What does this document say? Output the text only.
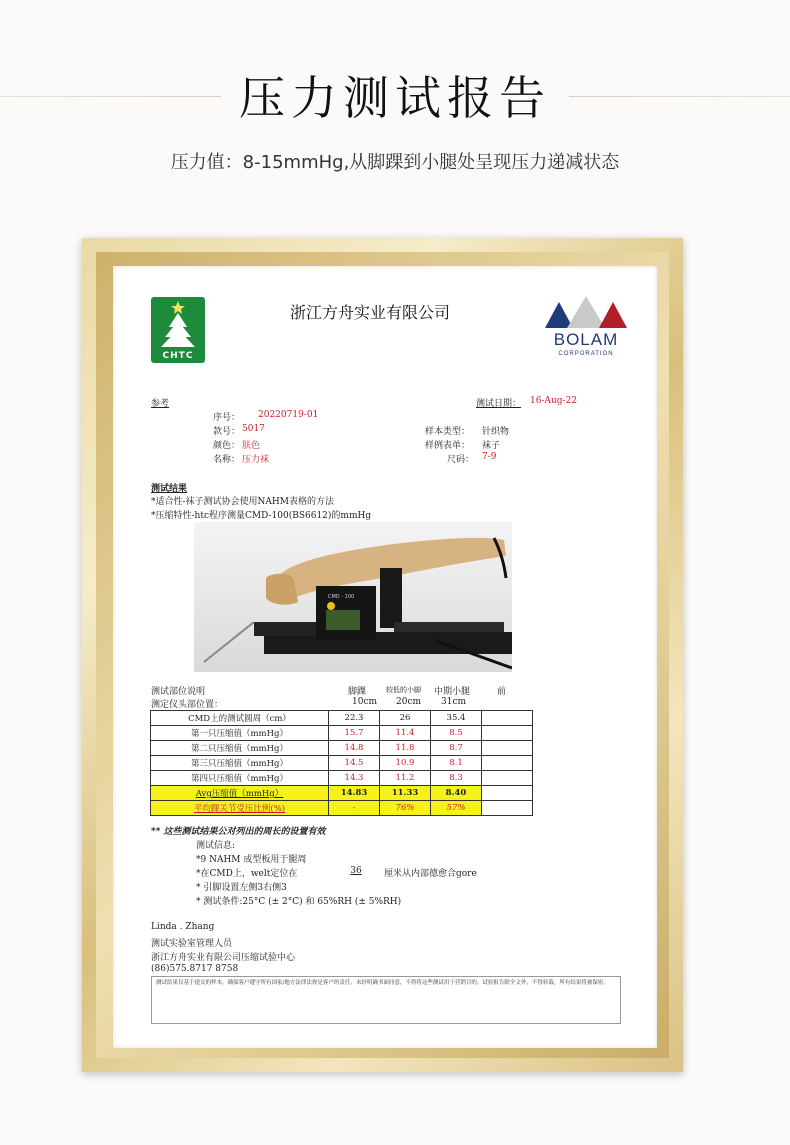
压力测试报告
压力值：8-15mmHg,从脚踝到小腿处呈现压力递减状态
CHTC
浙江方舟实业有限公司
BOLAM
CORPORATION
参考	测试日期： 16-Aug-22
序号： 20220719-01
款号： 5017	样本类型： 针织物
颜色： 肤色	样例表单： 袜子
名称： 压力袜	尺码： 7-9
测试结果
*适合性-袜子测试协会使用NAHM表格的方法
*压缩特性-htc程序测量CMD-100(BS6612)的mmHg
CMD - 100
测试部位说明
测定仪头部位置：
脚踝	较低的小脚 中期小腿	前
10cm 20cm 31cm
CMD上的测试圆周（cm）	22.3	26	35.4	
第一只压缩值（mmHg）	15.7	11.4	8.5	
第二只压缩值（mmHg）	14.8	11.8	8.7	
第三只压缩值（mmHg）	14.5	10.9	8.1	
第四只压缩值（mmHg）	14.3	11.2	8.3	
Avg压缩值（mmHg）	14.83	11.33	8.40	
平均踝关节受压比例(%)	-	76%	57%	
** 这些测试结果公对列出的周长的设置有效
测试信息:
*9 NAHM 成型板用于腿周
*在CMD上，welt定位在	36	厘米从内部德愈合gore
* 引脚设置左侧3右侧3
* 测试条件:25°C (± 2°C) 和 65%RH (± 5%RH)
Linda . Zhang
测试实验室管理人员
浙江方舟实业有限公司压缩试验中心
(86)575.8717 8758
测试结果仅基于提交的样本，确保客户遵守所有国家/地方法律法规是客户的责任，未经明确书面同意，不得将这些测试用于营销目的。试验报告除全文外，不得转载，所有结果将被保密。
